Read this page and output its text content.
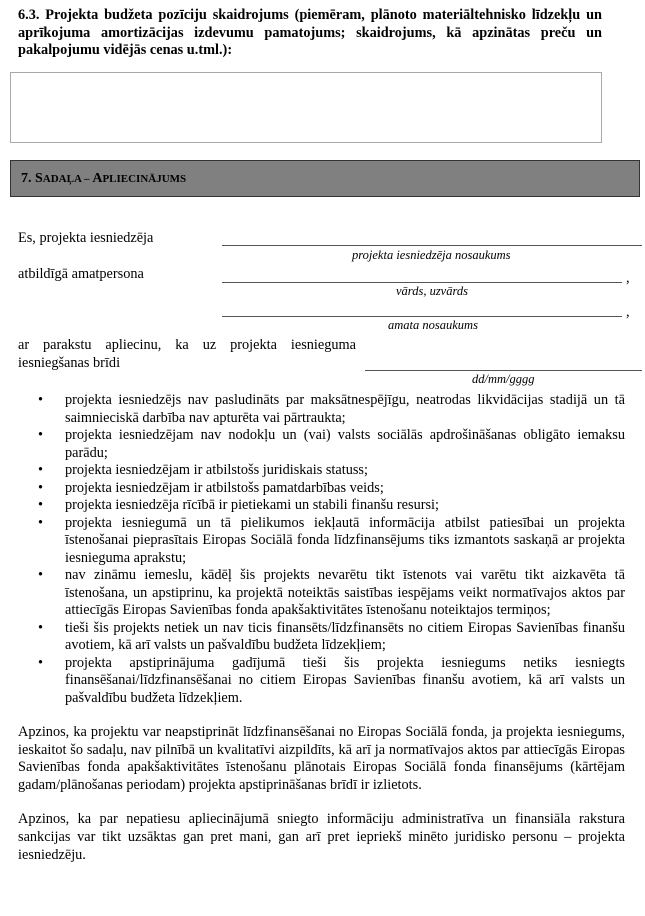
6.3. Projekta budžeta pozīciju skaidrojums (piemēram, plānoto materiāltehnisko līdzekļu un aprīkojuma amortizācijas izdevumu pamatojums; skaidrojums, kā apzinātas preču un pakalpojumu vidējās cenas u.tml.):
7. SADAĻA – APLIECINĀJUMS
Es, projekta iesniedzēja
projekta iesniedzēja nosaukums
atbildīgā amatpersona	,
vārds, uzvārds
,
amata nosaukums
ar parakstu apliecinu, ka uz projekta iesnieguma iesniegšanas brīdi
dd/mm/gggg
• projekta iesniedzējs nav pasludināts par maksātnespējīgu, neatrodas likvidācijas stadijā un tā saimnieciskā darbība nav apturēta vai pārtraukta;
• projekta iesniedzējam nav nodokļu un (vai) valsts sociālās apdrošināšanas obligāto iemaksu parādu;
• projekta iesniedzējam ir atbilstošs juridiskais statuss;
• projekta iesniedzējam ir atbilstošs pamatdarbības veids;
• projekta iesniedzēja rīcībā ir pietiekami un stabili finanšu resursi;
• projekta iesniegumā un tā pielikumos iekļautā informācija atbilst patiesībai un projekta īstenošanai pieprasītais Eiropas Sociālā fonda līdzfinansējums tiks izmantots saskaņā ar projekta iesnieguma aprakstu;
• nav zināmu iemeslu, kādēļ šis projekts nevarētu tikt īstenots vai varētu tikt aizkavēta tā īstenošana, un apstiprinu, ka projektā noteiktās saistības iespējams veikt normatīvajos aktos par attiecīgās Eiropas Savienības fonda apakšaktivitātes īstenošanu noteiktajos termiņos;
• tieši šis projekts netiek un nav ticis finansēts/līdzfinansēts no citiem Eiropas Savienības finanšu avotiem, kā arī valsts un pašvaldību budžeta līdzekļiem;
• projekta apstiprinājuma gadījumā tieši šis projekta iesniegums netiks iesniegts finansēšanai/līdzfinansēšanai no citiem Eiropas Savienības finanšu avotiem, kā arī valsts un pašvaldību budžeta līdzekļiem.
Apzinos, ka projektu var neapstiprināt līdzfinansēšanai no Eiropas Sociālā fonda, ja projekta iesniegums, ieskaitot šo sadaļu, nav pilnībā un kvalitatīvi aizpildīts, kā arī ja normatīvajos aktos par attiecīgās Eiropas Savienības fonda apakšaktivitātes īstenošanu plānotais Eiropas Sociālā fonda finansējums (kārtējam gadam/plānošanas periodam) projekta apstiprināšanas brīdī ir izlietots.
Apzinos, ka par nepatiesu apliecinājumā sniegto informāciju administratīva un finansiāla rakstura sankcijas var tikt uzsāktas gan pret mani, gan arī pret iepriekš minēto juridisko personu – projekta iesniedzēju.
